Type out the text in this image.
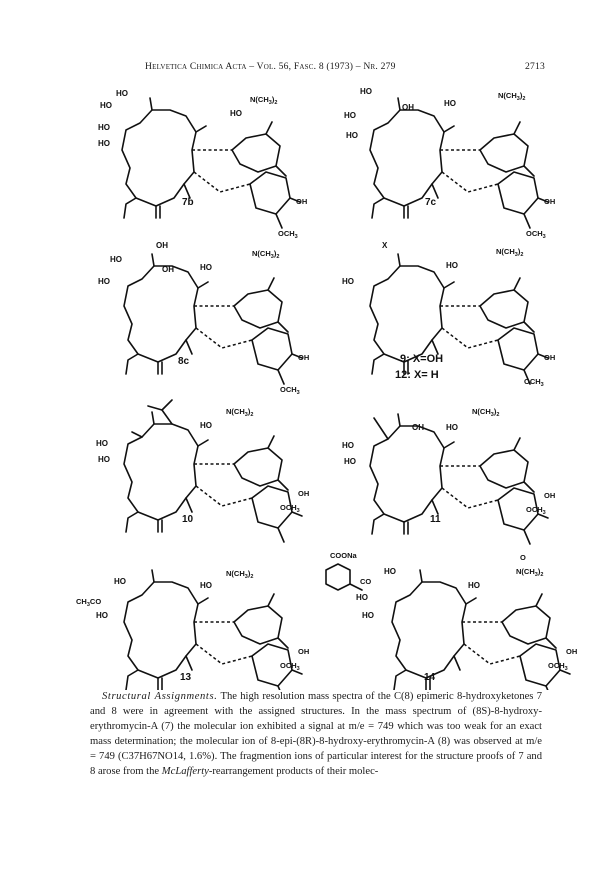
Helvetica Chimica Acta – Vol. 56, Fasc. 8 (1973) – Nr. 279	2713
HO
HO
HO
HO
HO
$N(CH_3)_2$
OH
$OCH_3$
7b
HO
OH
HO
HO
HO
$N(CH_3)_2$
OH
$OCH_3$
7c
OH
HO
OH
HO
HO
$N(CH_3)_2$
OH
$OCH_3$
8c
X
HO
HO
$N(CH_3)_2$
OH
$OCH_3$
9: X=OH
12: X= H
HO
HO
HO
$N(CH_3)_2$
OH
$OCH_3$
10
OH
HO
HO
HO
$N(CH_3)_2$
OH
$OCH_3$
11
HO
$CH_3CO$
HO
HO
$N(CH_3)_2$
OH
$OCH_3$
13
COONa
CO
HO
HO
HO
HO
O
$N(CH_3)_2$
OH
$OCH_3$
14

Structural Assignments. The high resolution mass spectra of the C(8) epimeric 8-hydroxyketones 7 and 8 were in agreement with the assigned structures. In the mass spectrum of (8S)-8-hydroxy-erythromycin-A (7) the molecular ion exhibited a signal at m/e = 749 which was too weak for an exact mass determination; the molecular ion of 8-epi-(8R)-8-hydroxy-erythromycin-A (8) was observed at m/e = 749 (C37H67NO14, 1.6%). The fragmention ions of particular interest for the structure proofs of 7 and 8 arose from the McLafferty-rearrangement products of their molec-
